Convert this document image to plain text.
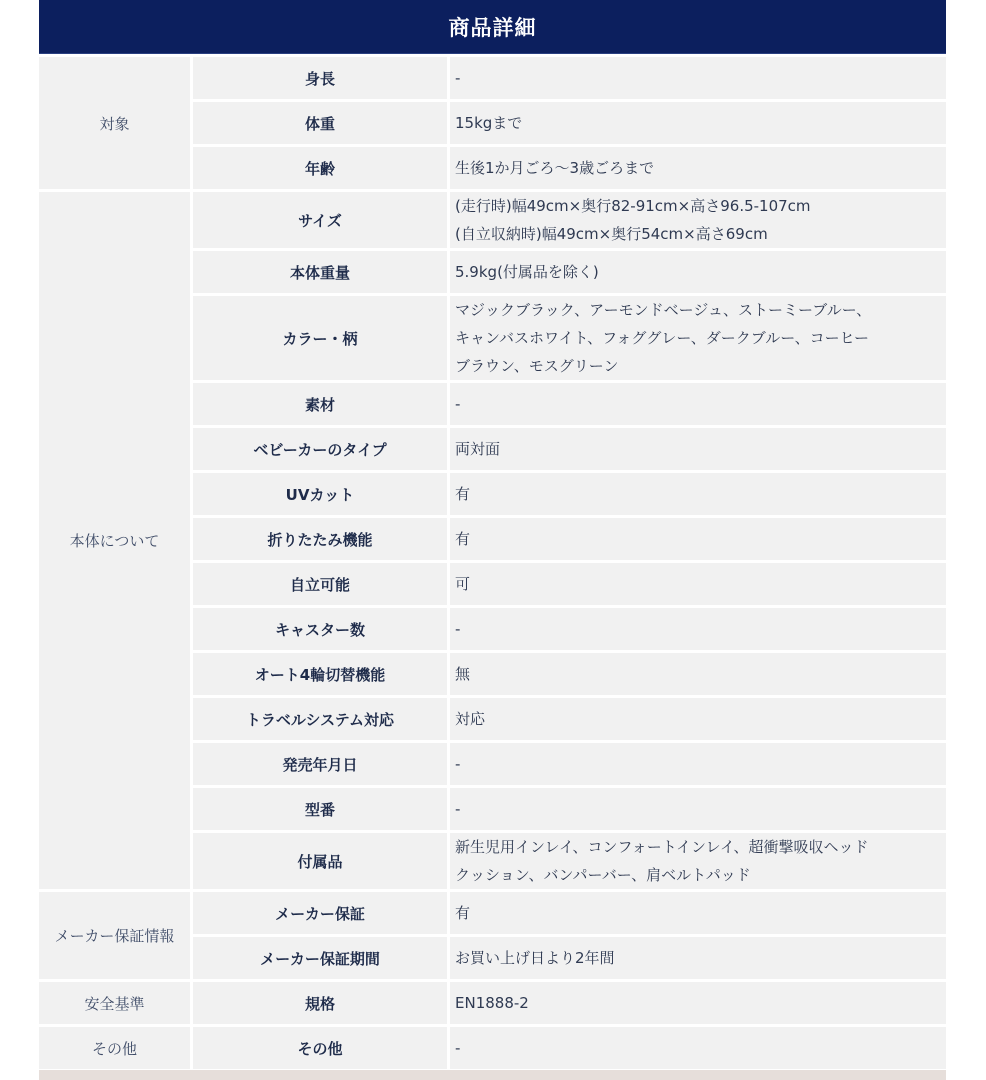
商品詳細
対象	身長	-

	体重	15kgまで

	年齢	生後1か月ごろ～3歳ごろまで

本体について	サイズ	(走行時)幅49cm×奥行82-91cm×高さ96.5-107cm
(自立収納時)幅49cm×奥行54cm×高さ69cm

	本体重量	5.9kg(付属品を除く)

	カラー・柄	マジックブラック、アーモンドベージュ、ストーミーブルー、
キャンバスホワイト、フォググレー、ダークブルー、コーヒー
ブラウン、モスグリーン

	素材	-

	ベビーカーのタイプ	両対面

	UVカット	有

	折りたたみ機能	有

	自立可能	可

	キャスター数	-

	オート4輪切替機能	無

	トラベルシステム対応	対応

	発売年月日	-

	型番	-

	付属品	新生児用インレイ、コンフォートインレイ、超衝撃吸収ヘッド
クッション、バンパーバー、肩ベルトパッド

メーカー保証情報	メーカー保証	有

	メーカー保証期間	お買い上げ日より2年間

安全基準	規格	EN1888-2

その他	その他	-
